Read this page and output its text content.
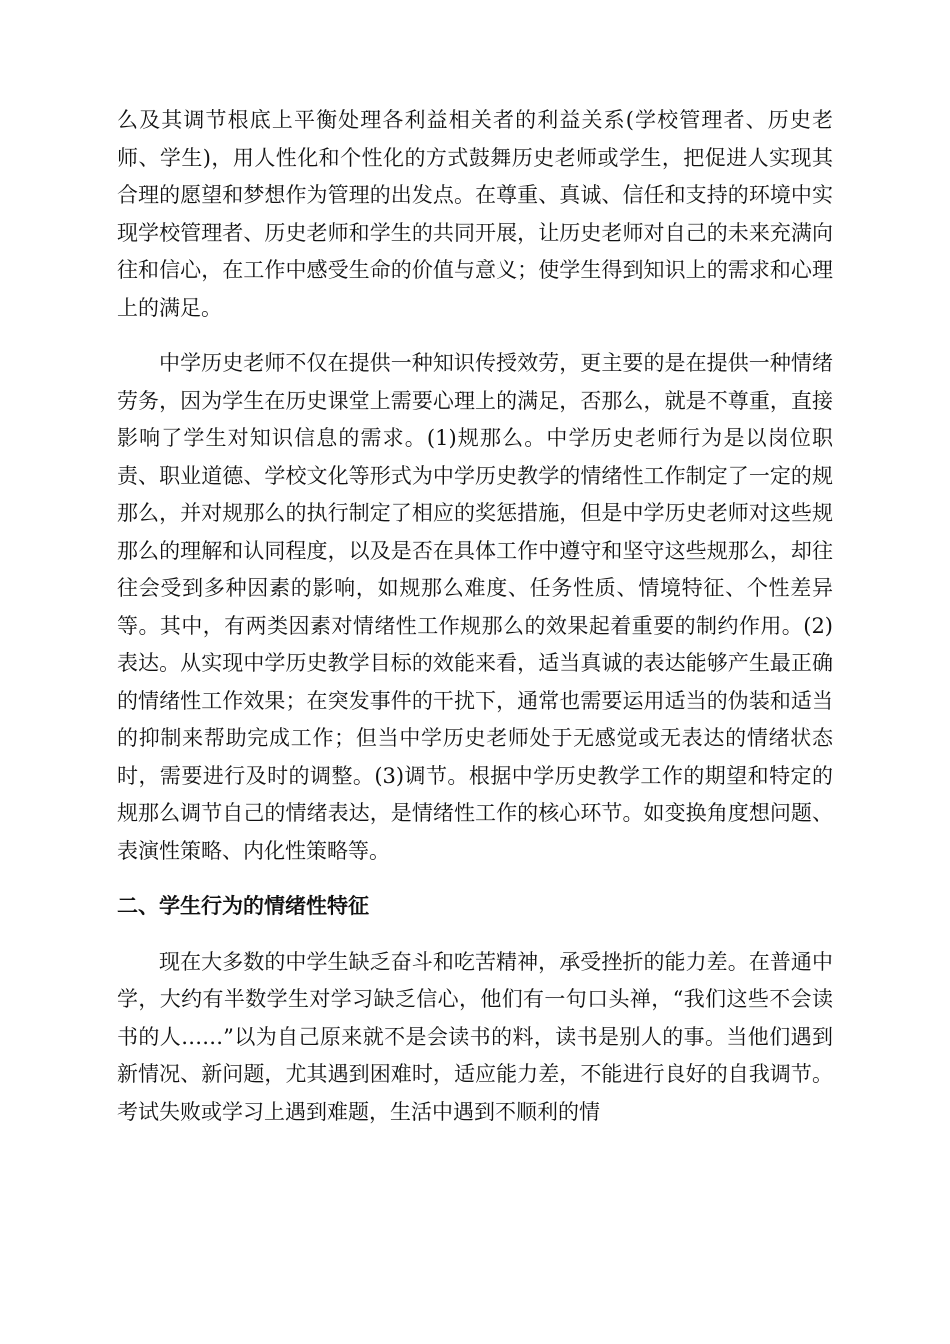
么及其调节根底上平衡处理各利益相关者的利益关系(学校管理者、历史老师、学生)，用人性化和个性化的方式鼓舞历史老师或学生，把促进人实现其合理的愿望和梦想作为管理的出发点。在尊重、真诚、信任和支持的环境中实现学校管理者、历史老师和学生的共同开展，让历史老师对自己的未来充满向往和信心，在工作中感受生命的价值与意义；使学生得到知识上的需求和心理上的满足。

中学历史老师不仅在提供一种知识传授效劳，更主要的是在提供一种情绪劳务，因为学生在历史课堂上需要心理上的满足，否那么，就是不尊重，直接影响了学生对知识信息的需求。(1)规那么。中学历史老师行为是以岗位职责、职业道德、学校文化等形式为中学历史教学的情绪性工作制定了一定的规那么，并对规那么的执行制定了相应的奖惩措施，但是中学历史老师对这些规那么的理解和认同程度，以及是否在具体工作中遵守和坚守这些规那么，却往往会受到多种因素的影响，如规那么难度、任务性质、情境特征、个性差异等。其中，有两类因素对情绪性工作规那么的效果起着重要的制约作用。(2)表达。从实现中学历史教学目标的效能来看，适当真诚的表达能够产生最正确的情绪性工作效果；在突发事件的干扰下，通常也需要运用适当的伪装和适当的抑制来帮助完成工作；但当中学历史老师处于无感觉或无表达的情绪状态时，需要进行及时的调整。(3)调节。根据中学历史教学工作的期望和特定的规那么调节自己的情绪表达，是情绪性工作的核心环节。如变换角度想问题、表演性策略、内化性策略等。

二、学生行为的情绪性特征

现在大多数的中学生缺乏奋斗和吃苦精神，承受挫折的能力差。在普通中学，大约有半数学生对学习缺乏信心，他们有一句口头禅，“我们这些不会读书的人……”以为自己原来就不是会读书的料，读书是别人的事。当他们遇到新情况、新问题，尤其遇到困难时，适应能力差，不能进行良好的自我调节。考试失败或学习上遇到难题，生活中遇到不顺利的情
